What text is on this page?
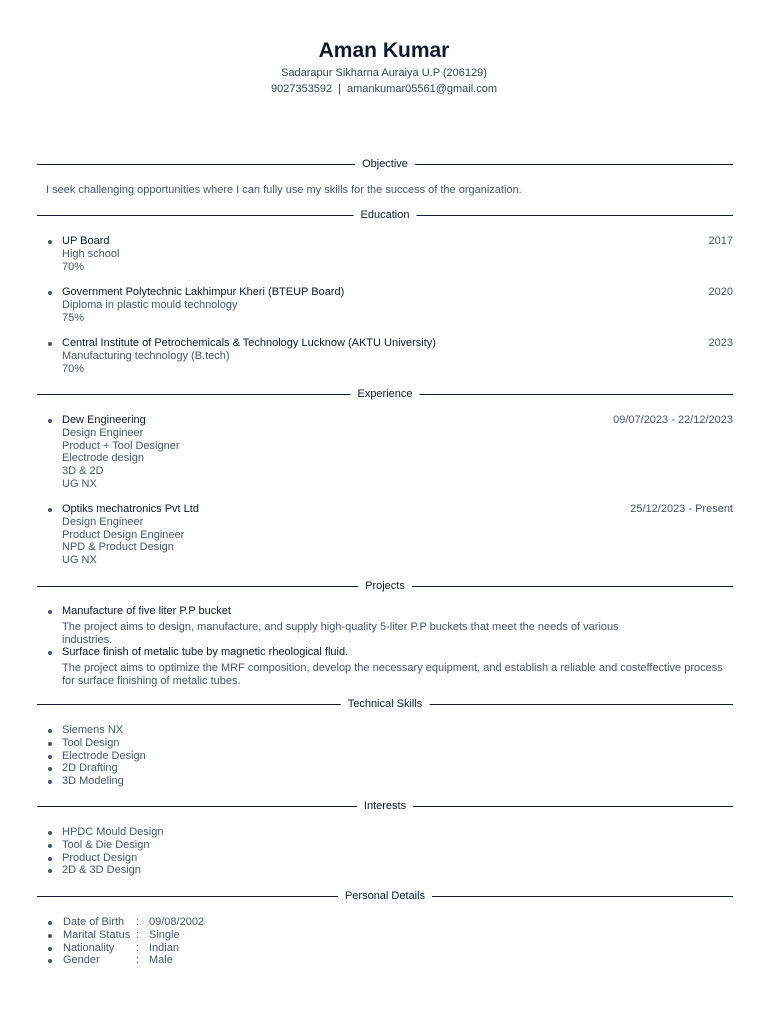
Aman Kumar
Sadarapur Sikharna Auraiya U.P (206129)
9027353592 | amankumar05561@gmail.com
Objective
I seek challenging opportunities where I can fully use my skills for the success of the organization.
Education
UP Board	2017
High school
70%
Government Polytechnic Lakhimpur Kheri (BTEUP Board)	2020
Diploma in plastic mould technology
75%
Central Institute of Petrochemicals & Technology Lucknow (AKTU University)	2023
Manufacturing technology (B.tech)
70%
Experience
Dew Engineering	09/07/2023 - 22/12/2023
Design Engineer
Product + Tool Designer
Electrode design
3D & 2D
UG NX
Optiks mechatronics Pvt Ltd	25/12/2023 - Present
Design Engineer
Product Design Engineer
NPD & Product Design
UG NX
Projects
Manufacture of five liter P.P bucket
The project aims to design, manufacture, and supply high-quality 5-liter P.P buckets that meet the needs of various industries.
Surface finish of metalic tube by magnetic rheological fluid.
The project aims to optimize the MRF composition, develop the necessary equipment, and establish a reliable and costeffective process for surface finishing of metalic tubes.
Technical Skills
Siemens NX
Tool Design
Electrode Design
2D Drafting
3D Modeling
Interests
HPDC Mould Design
Tool & Die Design
Product Design
2D & 3D Design
Personal Details
Date of Birth : 09/08/2002
Marital Status : Single
Nationality : Indian
Gender	: Male
